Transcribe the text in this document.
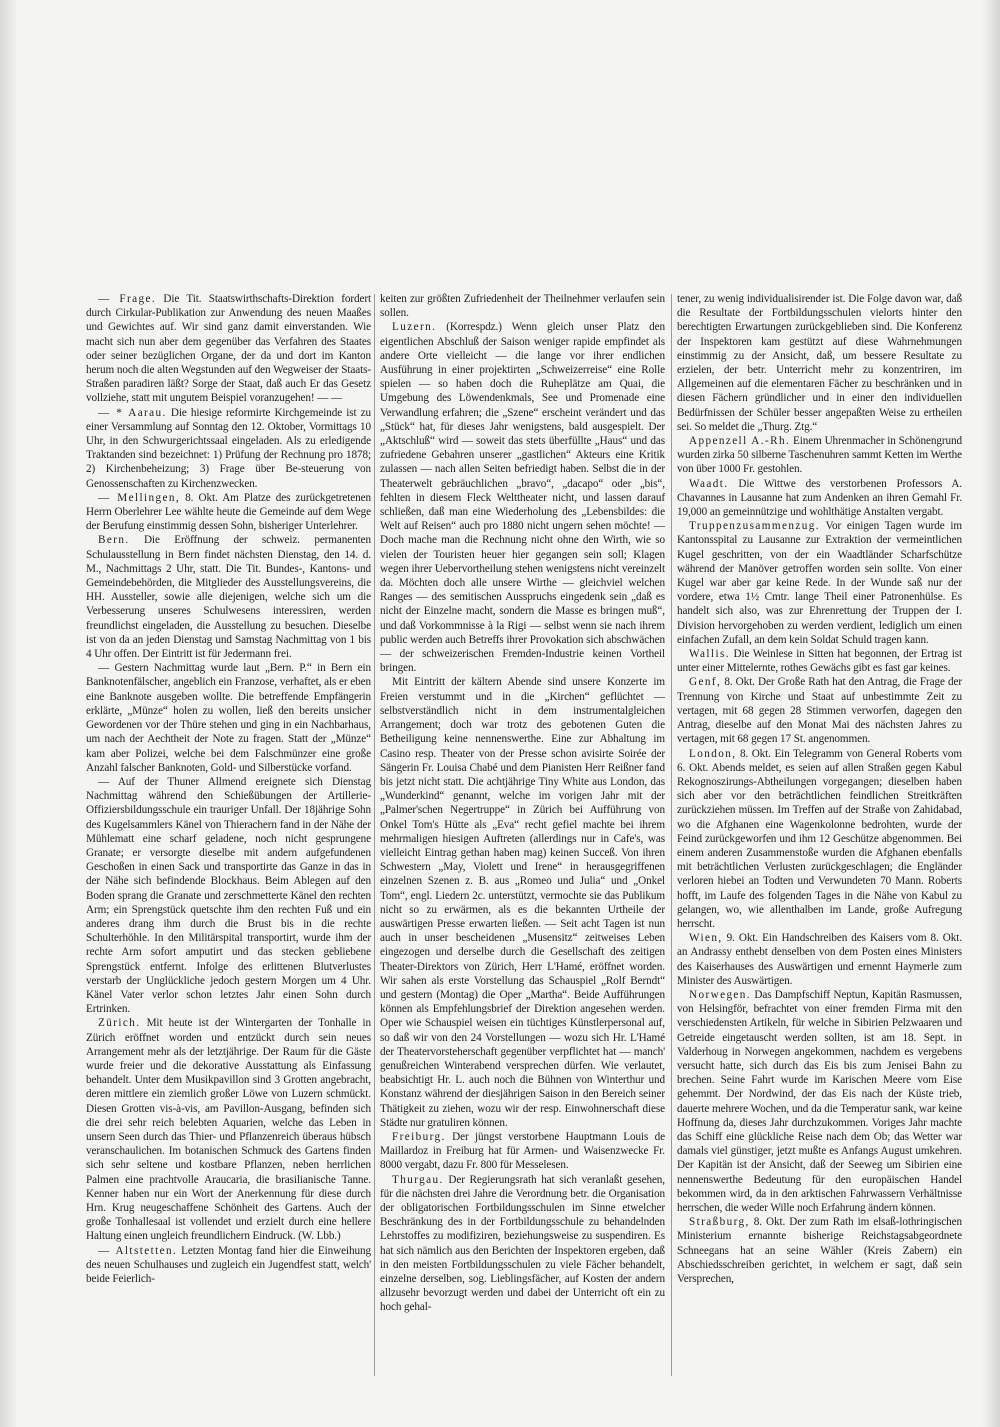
— Frage. Die Tit. Staatswirthschafts-Direktion fordert durch Cirkular-Publikation zur Anwendung des neuen Maaßes und Gewichtes auf. Wir sind ganz damit einverstanden. Wie macht sich nun aber dem gegenüber das Verfahren des Staates oder seiner bezüglichen Organe, der da und dort im Kanton herum noch die alten Wegstunden auf den Wegweiser der Staats-Straßen paradiren läßt? Sorge der Staat, daß auch Er das Gesetz vollziehe, statt mit ungutem Beispiel voranzugehen! — —

— * Aarau. Die hiesige reformirte Kirchgemeinde ist zu einer Versammlung auf Sonntag den 12. Oktober, Vormittags 10 Uhr, in den Schwurgerichtssaal eingeladen. Als zu erledigende Traktanden sind bezeichnet: 1) Prüfung der Rechnung pro 1878; 2) Kirchenbeheizung; 3) Frage über Be-steuerung von Genossenschaften zu Kirchenzwecken.

— Mellingen, 8. Okt. Am Platze des zurückgetretenen Herrn Oberlehrer Lee wählte heute die Gemeinde auf dem Wege der Berufung einstimmig dessen Sohn, bisheriger Unterlehrer.

Bern. Die Eröffnung der schweiz. permanenten Schulausstellung in Bern findet nächsten Dienstag, den 14. d. M., Nachmittags 2 Uhr, statt. Die Tit. Bundes-, Kantons- und Gemeindebehörden, die Mitglieder des Ausstellungsvereins, die HH. Aussteller, sowie alle diejenigen, welche sich um die Verbesserung unseres Schulwesens interessiren, werden freundlichst eingeladen, die Ausstellung zu besuchen. Dieselbe ist von da an jeden Dienstag und Samstag Nachmittag von 1 bis 4 Uhr offen. Der Eintritt ist für Jedermann frei.

— Gestern Nachmittag wurde laut „Bern. P.“ in Bern ein Banknotenfälscher, angeblich ein Franzose, verhaftet, als er eben eine Banknote ausgeben wollte. Die betreffende Empfängerin erklärte, „Münze“ holen zu wollen, ließ den bereits unsicher Gewordenen vor der Thüre stehen und ging in ein Nachbarhaus, um nach der Aechtheit der Note zu fragen. Statt der „Münze“ kam aber Polizei, welche bei dem Falschmünzer eine große Anzahl falscher Banknoten, Gold- und Silberstücke vorfand.

— Auf der Thuner Allmend ereignete sich Dienstag Nachmittag während den Schießübungen der Artillerie-Offiziersbildungsschule ein trauriger Unfall. Der 18jährige Sohn des Kugelsammlers Känel von Thierachern fand in der Nähe der Mühlematt eine scharf geladene, noch nicht gesprungene Granate; er versorgte dieselbe mit andern aufgefundenen Geschoßen in einen Sack und transportirte das Ganze in das in der Nähe sich befindende Blockhaus. Beim Ablegen auf den Boden sprang die Granate und zerschmetterte Känel den rechten Arm; ein Sprengstück quetschte ihm den rechten Fuß und ein anderes drang ihm durch die Brust bis in die rechte Schulterhöhle. In den Militärspital transportirt, wurde ihm der rechte Arm sofort amputirt und das stecken gebliebene Sprengstück entfernt. Infolge des erlittenen Blutverlustes verstarb der Unglückliche jedoch gestern Morgen um 4 Uhr. Känel Vater verlor schon letztes Jahr einen Sohn durch Ertrinken.

Zürich. Mit heute ist der Wintergarten der Tonhalle in Zürich eröffnet worden und entzückt durch sein neues Arrangement mehr als der letztjährige. Der Raum für die Gäste wurde freier und die dekorative Ausstattung als Einfassung behandelt. Unter dem Musikpavillon sind 3 Grotten angebracht, deren mittlere ein ziemlich großer Löwe von Luzern schmückt. Diesen Grotten vis-à-vis, am Pavillon-Ausgang, befinden sich die drei sehr reich belebten Aquarien, welche das Leben in unsern Seen durch das Thier- und Pflanzenreich überaus hübsch veranschaulichen. Im botanischen Schmuck des Gartens finden sich sehr seltene und kostbare Pflanzen, neben herrlichen Palmen eine prachtvolle Araucaria, die brasilianische Tanne. Kenner haben nur ein Wort der Anerkennung für diese durch Hrn. Krug neugeschaffene Schönheit des Gartens. Auch der große Tonhallesaal ist vollendet und erzielt durch eine hellere Haltung einen ungleich freundlichern Eindruck. (W. Lbb.)

— Altstetten. Letzten Montag fand hier die Einweihung des neuen Schulhauses und zugleich ein Jugendfest statt, welch' beide Feierlich-

keiten zur größten Zufriedenheit der Theilnehmer verlaufen sein sollen.

Luzern. (Korrespdz.) Wenn gleich unser Platz den eigentlichen Abschluß der Saison weniger rapide empfindet als andere Orte vielleicht — die lange vor ihrer endlichen Ausführung in einer projektirten „Schweizerreise“ eine Rolle spielen — so haben doch die Ruheplätze am Quai, die Umgebung des Löwendenkmals, See und Promenade eine Verwandlung erfahren; die „Szene“ erscheint verändert und das „Stück“ hat, für dieses Jahr wenigstens, bald ausgespielt. Der „Aktschluß“ wird — soweit das stets überfüllte „Haus“ und das zufriedene Gebahren unserer „gastlichen“ Akteurs eine Kritik zulassen — nach allen Seiten befriedigt haben. Selbst die in der Theaterwelt gebräuchlichen „bravo“, „dacapo“ oder „bis“, fehlten in diesem Fleck Welttheater nicht, und lassen darauf schließen, daß man eine Wiederholung des „Lebensbildes: die Welt auf Reisen“ auch pro 1880 nicht ungern sehen möchte! — Doch mache man die Rechnung nicht ohne den Wirth, wie so vielen der Touristen heuer hier gegangen sein soll; Klagen wegen ihrer Uebervortheilung stehen wenigstens nicht vereinzelt da. Möchten doch alle unsere Wirthe — gleichviel welchen Ranges — des semitischen Ausspruchs eingedenk sein „daß es nicht der Einzelne macht, sondern die Masse es bringen muß“, und daß Vorkommnisse à la Rigi — selbst wenn sie nach ihrem public werden auch Betreffs ihrer Provokation sich abschwächen — der schweizerischen Fremden-Industrie keinen Vortheil bringen.

Mit Eintritt der kältern Abende sind unsere Konzerte im Freien verstummt und in die „Kirchen“ geflüchtet — selbstverständlich nicht in dem instrumentalgleichen Arrangement; doch war trotz des gebotenen Guten die Betheiligung keine nennenswerthe. Eine zur Abhaltung im Casino resp. Theater von der Presse schon avisirte Soirée der Sängerin Fr. Louisa Chabé und dem Pianisten Herr Reißner fand bis jetzt nicht statt. Die achtjährige Tiny White aus London, das „Wunderkind“ genannt, welche im vorigen Jahr mit der „Palmer'schen Negertruppe“ in Zürich bei Aufführung von Onkel Tom's Hütte als „Eva“ recht gefiel machte bei ihrem mehrmaligen hiesigen Auftreten (allerdings nur in Cafe's, was vielleicht Eintrag gethan haben mag) keinen Succeß. Von ihren Schwestern „May, Violett und Irene“ in herausgegriffenen einzelnen Szenen z. B. aus „Romeo und Julia“ und „Onkel Tom“, engl. Liedern 2c. unterstützt, vermochte sie das Publikum nicht so zu erwärmen, als es die bekannten Urtheile der auswärtigen Presse erwarten ließen. — Seit acht Tagen ist nun auch in unser bescheidenen „Musensitz“ zeitweises Leben eingezogen und derselbe durch die Gesellschaft des zeitigen Theater-Direktors von Zürich, Herr L'Hamé, eröffnet worden. Wir sahen als erste Vorstellung das Schauspiel „Rolf Berndt“ und gestern (Montag) die Oper „Martha“. Beide Aufführungen können als Empfehlungsbrief der Direktion angesehen werden. Oper wie Schauspiel weisen ein tüchtiges Künstlerpersonal auf, so daß wir von den 24 Vorstellungen — wozu sich Hr. L'Hamé der Theatervorsteherschaft gegenüber verpflichtet hat — manch' genußreichen Winterabend versprechen dürfen. Wie verlautet, beabsichtigt Hr. L. auch noch die Bühnen von Winterthur und Konstanz während der diesjährigen Saison in den Bereich seiner Thätigkeit zu ziehen, wozu wir der resp. Einwohnerschaft diese Städte nur gratuliren können.

Freiburg. Der jüngst verstorbene Hauptmann Louis de Maillardoz in Freiburg hat für Armen- und Waisenzwecke Fr. 8000 vergabt, dazu Fr. 800 für Messelesen.

Thurgau. Der Regierungsrath hat sich veranlaßt gesehen, für die nächsten drei Jahre die Verordnung betr. die Organisation der obligatorischen Fortbildungsschulen im Sinne etwelcher Beschränkung des in der Fortbildungsschule zu behandelnden Lehrstoffes zu modifiziren, beziehungsweise zu suspendiren. Es hat sich nämlich aus den Berichten der Inspektoren ergeben, daß in den meisten Fortbildungsschulen zu viele Fächer behandelt, einzelne derselben, sog. Lieblingsfächer, auf Kosten der andern allzusehr bevorzugt werden und dabei der Unterricht oft ein zu hoch gehal-

tener, zu wenig individualisirender ist. Die Folge davon war, daß die Resultate der Fortbildungsschulen vielorts hinter den berechtigten Erwartungen zurückgeblieben sind. Die Konferenz der Inspektoren kam gestützt auf diese Wahrnehmungen einstimmig zu der Ansicht, daß, um bessere Resultate zu erzielen, der betr. Unterricht mehr zu konzentriren, im Allgemeinen auf die elementaren Fächer zu beschränken und in diesen Fächern gründlicher und in einer den individuellen Bedürfnissen der Schüler besser angepaßten Weise zu ertheilen sei. So meldet die „Thurg. Ztg.“

Appenzell A.-Rh. Einem Uhrenmacher in Schönengrund wurden zirka 50 silberne Taschenuhren sammt Ketten im Werthe von über 1000 Fr. gestohlen.

Waadt. Die Wittwe des verstorbenen Professors A. Chavannes in Lausanne hat zum Andenken an ihren Gemahl Fr. 19,000 an gemeinnützige und wohlthätige Anstalten vergabt.

Truppenzusammenzug. Vor einigen Tagen wurde im Kantonsspital zu Lausanne zur Extraktion der vermeintlichen Kugel geschritten, von der ein Waadtländer Scharfschütze während der Manöver getroffen worden sein sollte. Von einer Kugel war aber gar keine Rede. In der Wunde saß nur der vordere, etwa 1½ Cmtr. lange Theil einer Patronenhülse. Es handelt sich also, was zur Ehrenrettung der Truppen der I. Division hervorgehoben zu werden verdient, lediglich um einen einfachen Zufall, an dem kein Soldat Schuld tragen kann.

Wallis. Die Weinlese in Sitten hat begonnen, der Ertrag ist unter einer Mittelernte, rothes Gewächs gibt es fast gar keines.

Genf, 8. Okt. Der Große Rath hat den Antrag, die Frage der Trennung von Kirche und Staat auf unbestimmte Zeit zu vertagen, mit 68 gegen 28 Stimmen verworfen, dagegen den Antrag, dieselbe auf den Monat Mai des nächsten Jahres zu vertagen, mit 68 gegen 17 St. angenommen.

London, 8. Okt. Ein Telegramm von General Roberts vom 6. Okt. Abends meldet, es seien auf allen Straßen gegen Kabul Rekognoszirungs-Abtheilungen vorgegangen; dieselben haben sich aber vor den beträchtlichen feindlichen Streitkräften zurückziehen müssen. Im Treffen auf der Straße von Zahidabad, wo die Afghanen eine Wagenkolonne bedrohten, wurde der Feind zurückgeworfen und ihm 12 Geschütze abgenommen. Bei einem anderen Zusammenstoße wurden die Afghanen ebenfalls mit beträchtlichen Verlusten zurückgeschlagen; die Engländer verloren hiebei an Todten und Verwundeten 70 Mann. Roberts hofft, im Laufe des folgenden Tages in die Nähe von Kabul zu gelangen, wo, wie allenthalben im Lande, große Aufregung herrscht.

Wien, 9. Okt. Ein Handschreiben des Kaisers vom 8. Okt. an Andrassy enthebt denselben von dem Posten eines Ministers des Kaiserhauses des Auswärtigen und ernennt Haymerle zum Minister des Auswärtigen.

Norwegen. Das Dampfschiff Neptun, Kapitän Rasmussen, von Helsingför, befrachtet von einer fremden Firma mit den verschiedensten Artikeln, für welche in Sibirien Pelzwaaren und Getreide eingetauscht werden sollten, ist am 18. Sept. in Valderhoug in Norwegen angekommen, nachdem es vergebens versucht hatte, sich durch das Eis bis zum Jenisei Bahn zu brechen. Seine Fahrt wurde im Karischen Meere vom Eise gehemmt. Der Nordwind, der das Eis nach der Küste trieb, dauerte mehrere Wochen, und da die Temperatur sank, war keine Hoffnung da, dieses Jahr durchzukommen. Voriges Jahr machte das Schiff eine glückliche Reise nach dem Ob; das Wetter war damals viel günstiger, jetzt mußte es Anfangs August umkehren. Der Kapitän ist der Ansicht, daß der Seeweg um Sibirien eine nennenswerthe Bedeutung für den europäischen Handel bekommen wird, da in den arktischen Fahrwassern Verhältnisse herrschen, die weder Wille noch Erfahrung ändern können.

Straßburg, 8. Okt. Der zum Rath im elsaß-lothringischen Ministerium ernannte bisherige Reichstagsabgeordnete Schneegans hat an seine Wähler (Kreis Zabern) ein Abschiedsschreiben gerichtet, in welchem er sagt, daß sein Versprechen,
